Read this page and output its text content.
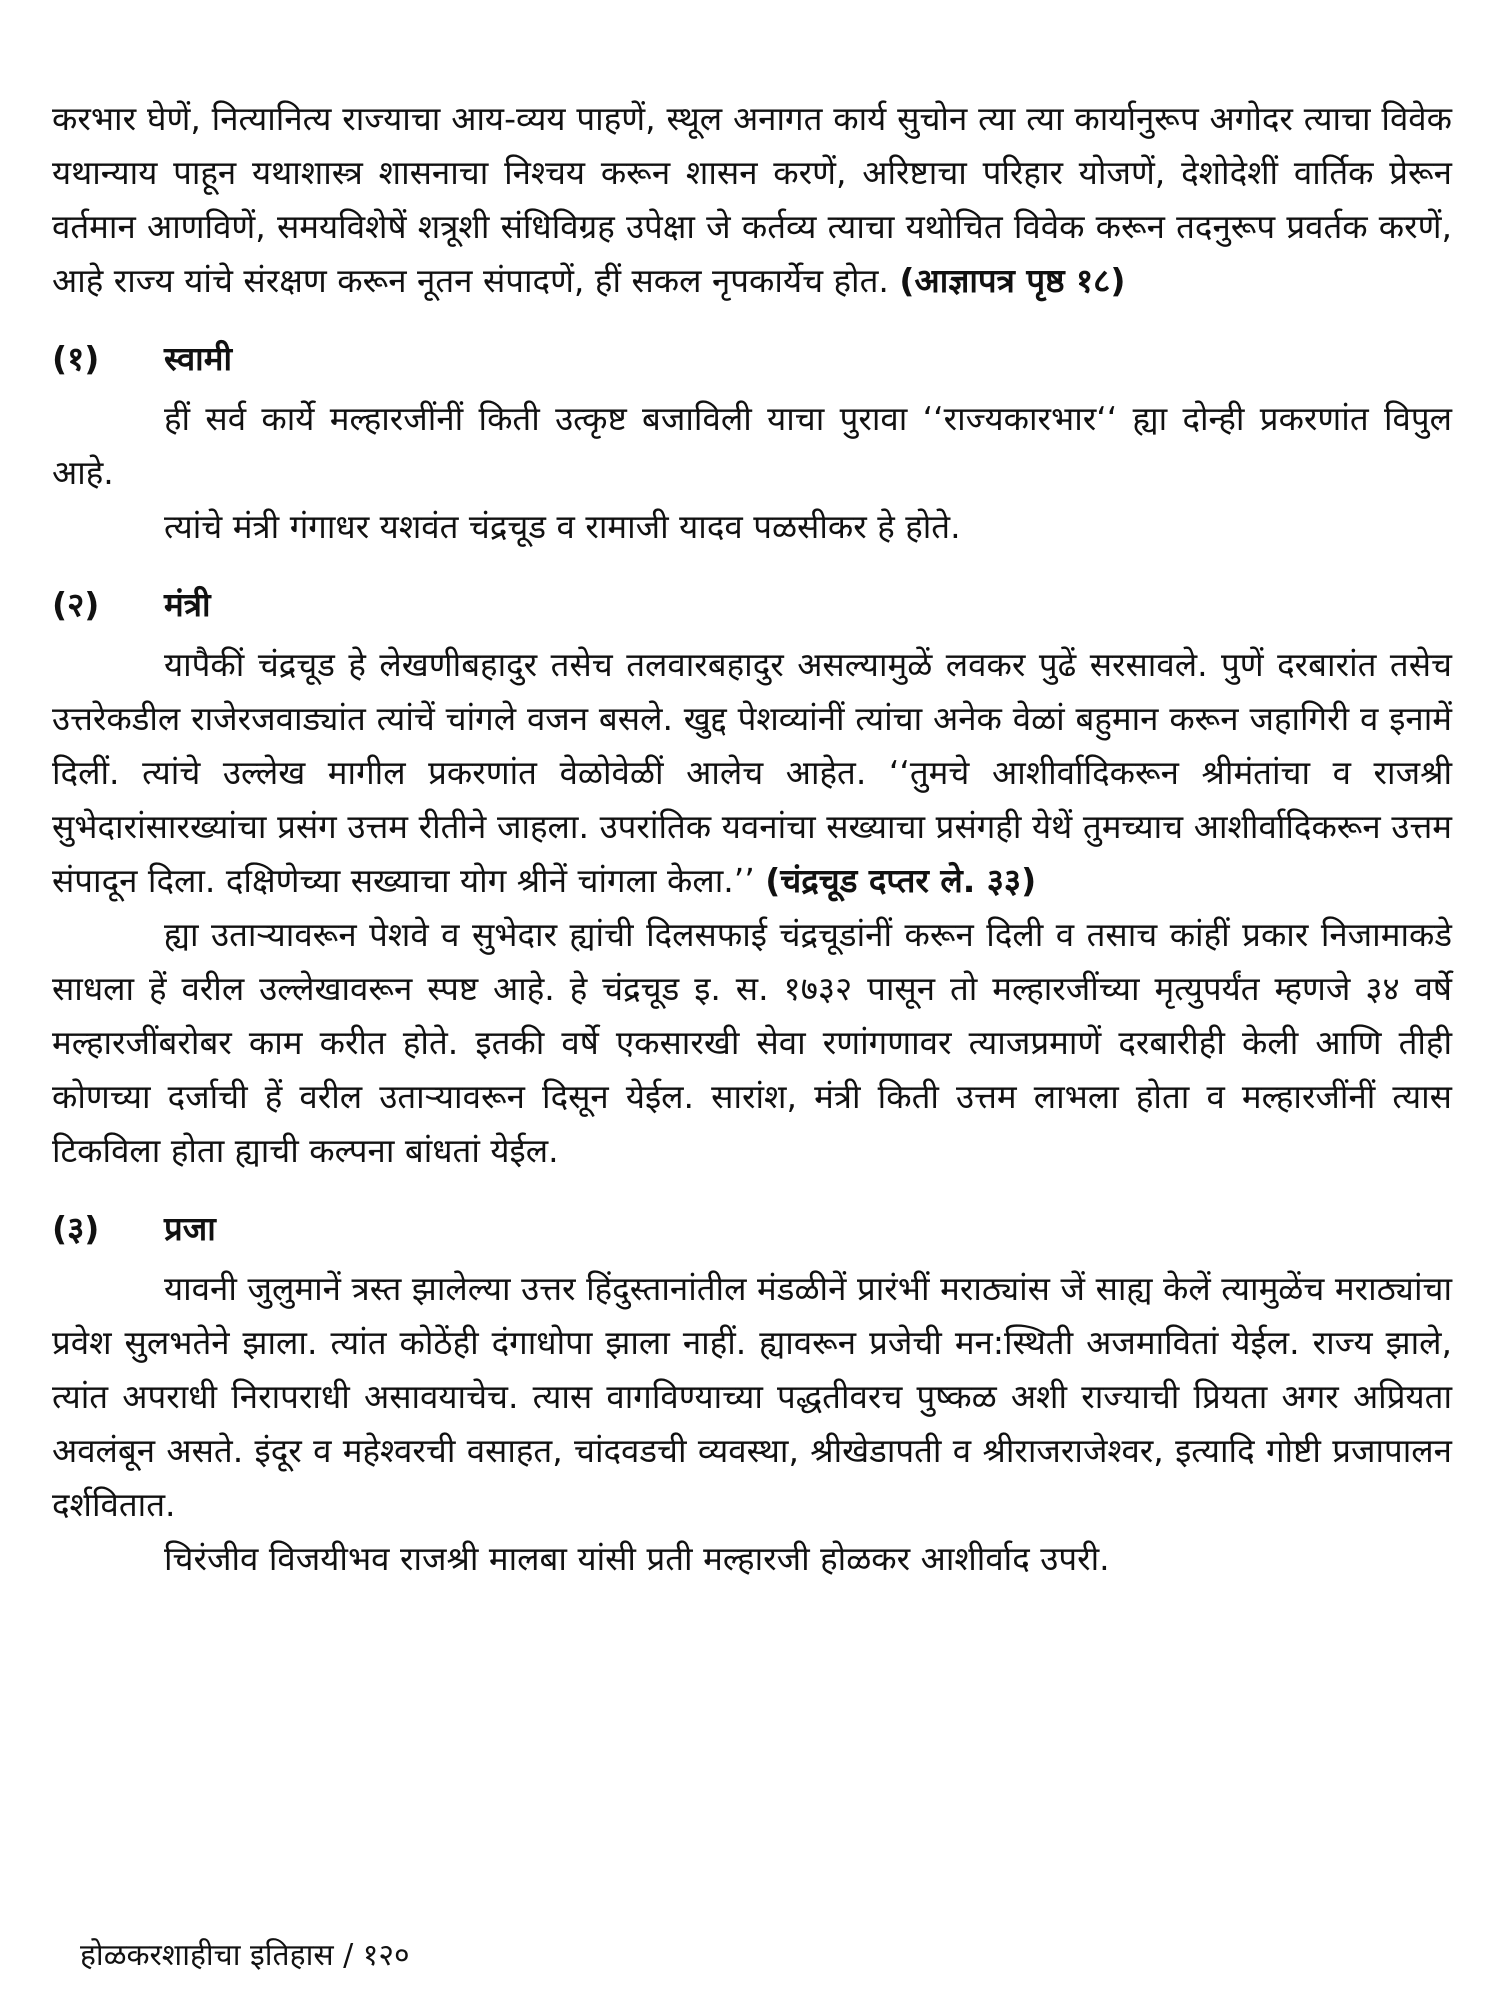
करभार घेणें, नित्यानित्य राज्याचा आय-व्यय पाहणें, स्थूल अनागत कार्य सुचोन त्या त्या कार्यानुरूप अगोदर त्याचा विवेक यथान्याय पाहून यथाशास्त्र शासनाचा निश्चय करून शासन करणें, अरिष्टाचा परिहार योजणें, देशोदेशीं वार्तिक प्रेरून वर्तमान आणविणें, समयविशेषें शत्रूशी संधिविग्रह उपेक्षा जे कर्तव्य त्याचा यथोचित विवेक करून तदनुरूप प्रवर्तक करणें, आहे राज्य यांचे संरक्षण करून नूतन संपादणें, हीं सकल नृपकार्येच होत. (आज्ञापत्र पृष्ठ १८)

(१)	स्वामी

हीं सर्व कार्ये मल्हारजींनीं किती उत्कृष्ट बजाविली याचा पुरावा ‘‘राज्यकारभार‘‘ ह्या दोन्ही प्रकरणांत विपुल आहे.

त्यांचे मंत्री गंगाधर यशवंत चंद्रचूड व रामाजी यादव पळसीकर हे होते.

(२)	मंत्री

यापैकीं चंद्रचूड हे लेखणीबहादुर तसेच तलवारबहादुर असल्यामुळें लवकर पुढें सरसावले. पुणें दरबारांत तसेच उत्तरेकडील राजेरजवाड्यांत त्यांचें चांगले वजन बसले. खुद्द पेशव्यांनीं त्यांचा अनेक वेळां बहुमान करून जहागिरी व इनामें दिलीं. त्यांचे उल्लेख मागील प्रकरणांत वेळोवेळीं आलेच आहेत. ‘‘तुमचे आशीर्वादिकरून श्रीमंतांचा व राजश्री सुभेदारांसारख्यांचा प्रसंग उत्तम रीतीने जाहला. उपरांतिक यवनांचा सख्याचा प्रसंगही येथें तुमच्याच आशीर्वादिकरून उत्तम संपादून दिला. दक्षिणेच्या सख्याचा योग श्रीनें चांगला केला.’’ (चंद्रचूड दप्तर ले. ३३)

ह्या उताऱ्यावरून पेशवे व सुभेदार ह्यांची दिलसफाई चंद्रचूडांनीं करून दिली व तसाच कांहीं प्रकार निजामाकडे साधला हें वरील उल्लेखावरून स्पष्ट आहे. हे चंद्रचूड इ. स. १७३२ पासून तो मल्हारजींच्या मृत्युपर्यंत म्हणजे ३४ वर्षे मल्हारजींबरोबर काम करीत होते. इतकी वर्षे एकसारखी सेवा रणांगणावर त्याजप्रमाणें दरबारीही केली आणि तीही कोणच्या दर्जाची हें वरील उताऱ्यावरून दिसून येईल. सारांश, मंत्री किती उत्तम लाभला होता व मल्हारजींनीं त्यास टिकविला होता ह्याची कल्पना बांधतां येईल.

(३)	प्रजा

यावनी जुलुमानें त्रस्त झालेल्या उत्तर हिंदुस्तानांतील मंडळीनें प्रारंभीं मराठ्यांस जें साह्य केलें त्यामुळेंच मराठ्यांचा प्रवेश सुलभतेने झाला. त्यांत कोठेंही दंगाधोपा झाला नाहीं. ह्यावरून प्रजेची मन:स्थिती अजमावितां येईल. राज्य झाले, त्यांत अपराधी निरापराधी असावयाचेच. त्यास वागविण्याच्या पद्धतीवरच पुष्कळ अशी राज्याची प्रियता अगर अप्रियता अवलंबून असते. इंदूर व महेश्वरची वसाहत, चांदवडची व्यवस्था, श्रीखेडापती व श्रीराजराजेश्वर, इत्यादि गोष्टी प्रजापालन दर्शवितात.

चिरंजीव विजयीभव राजश्री मालबा यांसी प्रती मल्हारजी होळकर आशीर्वाद उपरी.

होळकरशाहीचा इतिहास / १२०
